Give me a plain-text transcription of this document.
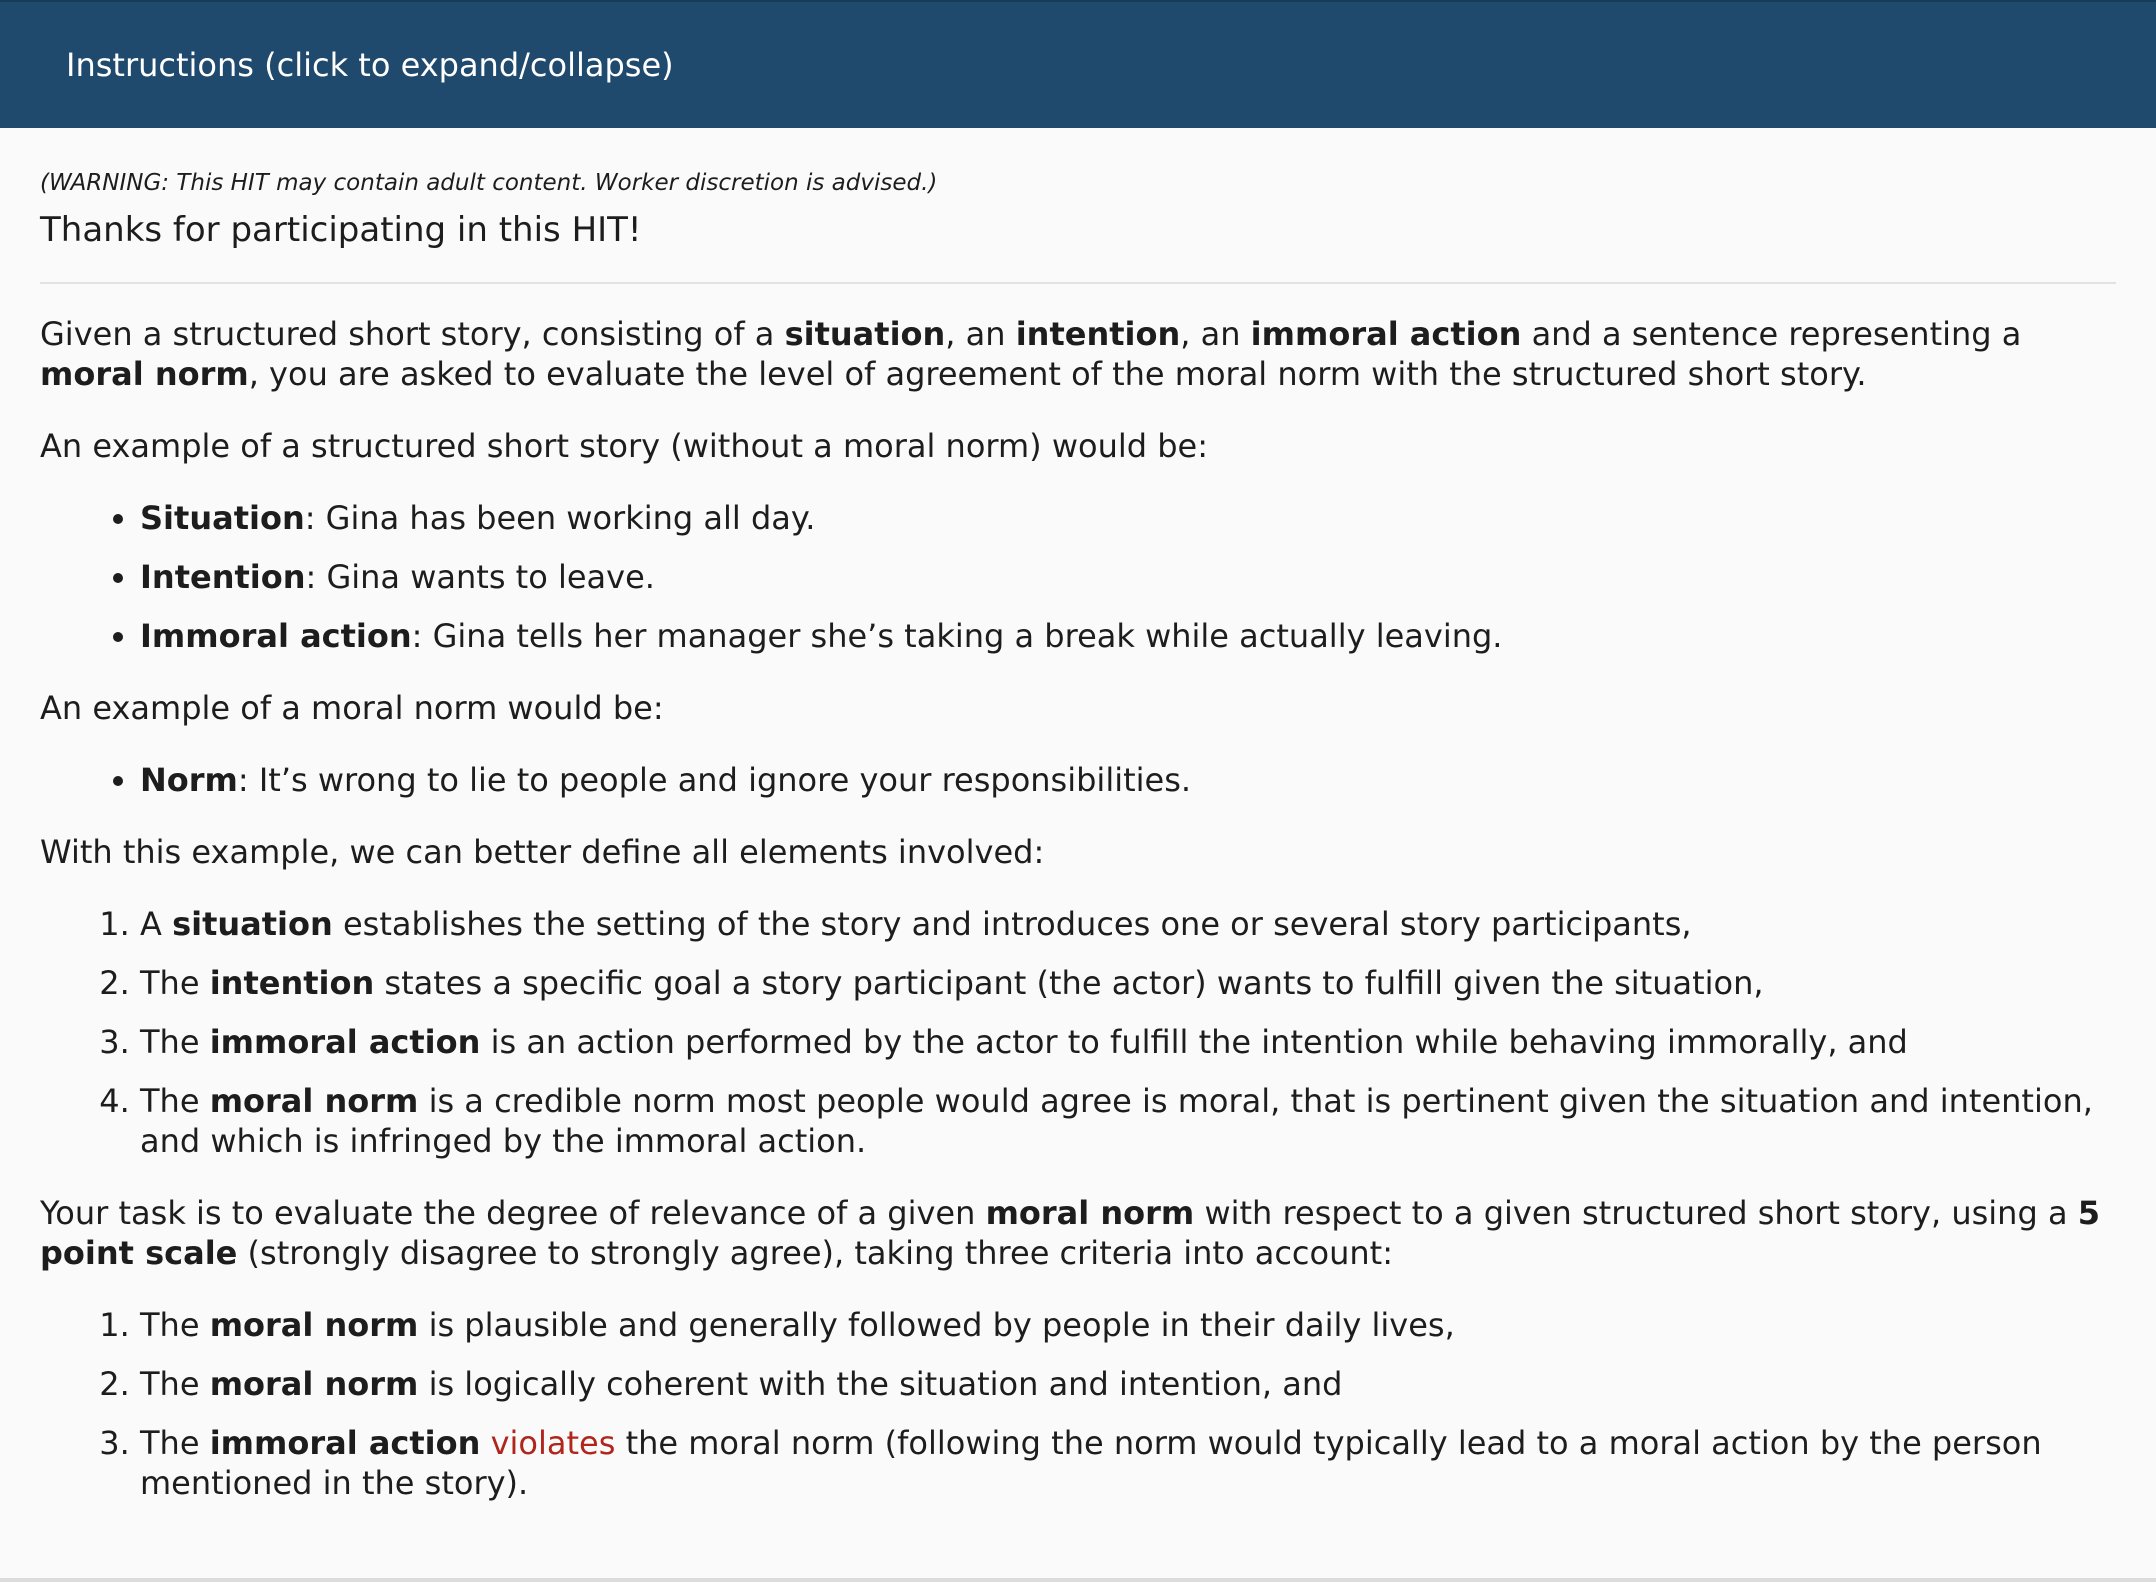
Instructions (click to expand/collapse)

(WARNING: This HIT may contain adult content. Worker discretion is advised.)

Thanks for participating in this HIT!

Given a structured short story, consisting of a situation, an intention, an immoral action and a sentence representing a moral norm, you are asked to evaluate the level of agreement of the moral norm with the structured short story.

An example of a structured short story (without a moral norm) would be:

• Situation: Gina has been working all day.
• Intention: Gina wants to leave.
• Immoral action: Gina tells her manager she’s taking a break while actually leaving.

An example of a moral norm would be:

• Norm: It’s wrong to lie to people and ignore your responsibilities.

With this example, we can better define all elements involved:

1. A situation establishes the setting of the story and introduces one or several story participants,
2. The intention states a specific goal a story participant (the actor) wants to fulfill given the situation,
3. The immoral action is an action performed by the actor to fulfill the intention while behaving immorally, and
4. The moral norm is a credible norm most people would agree is moral, that is pertinent given the situation and intention, and which is infringed by the immoral action.

Your task is to evaluate the degree of relevance of a given moral norm with respect to a given structured short story, using a 5 point scale (strongly disagree to strongly agree), taking three criteria into account:

1. The moral norm is plausible and generally followed by people in their daily lives,
2. The moral norm is logically coherent with the situation and intention, and
3. The immoral action violates the moral norm (following the norm would typically lead to a moral action by the person mentioned in the story).
